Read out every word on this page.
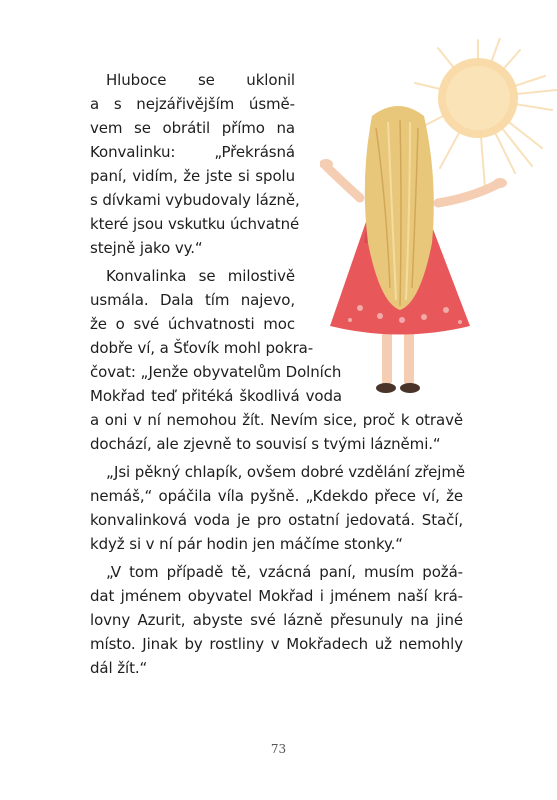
Hluboce se uklonil

a s nejzářivějším úsmě-

vem se obrátil přímo na

Konvalinku: „Překrásná

paní, vidím, že jste si spolu

s dívkami vybudovaly lázně,

které jsou vskutku úchvatné

stejně jako vy.“

Konvalinka se milostivě

usmála. Dala tím najevo,

že o své úchvatnosti moc

dobře ví, a Šťovík mohl pokra-

čovat: „Jenže obyvatelům Dolních

Mokřad teď přitéká škodlivá voda

a oni v ní nemohou žít. Nevím sice, proč k otravě

dochází, ale zjevně to souvisí s tvými lázněmi.“

„Jsi pěkný chlapík, ovšem dobré vzdělání zřejmě

nemáš,“ opáčila víla pyšně. „Kdekdo přece ví, že

konvalinková voda je pro ostatní jedovatá. Stačí,

když si v ní pár hodin jen máčíme stonky.“

„V tom případě tě, vzácná paní, musím požá-

dat jménem obyvatel Mokřad i jménem naší krá-

lovny Azurit, abyste své lázně přesunuly na jiné

místo. Jinak by rostliny v Mokřadech už nemohly

dál žít.“

73
